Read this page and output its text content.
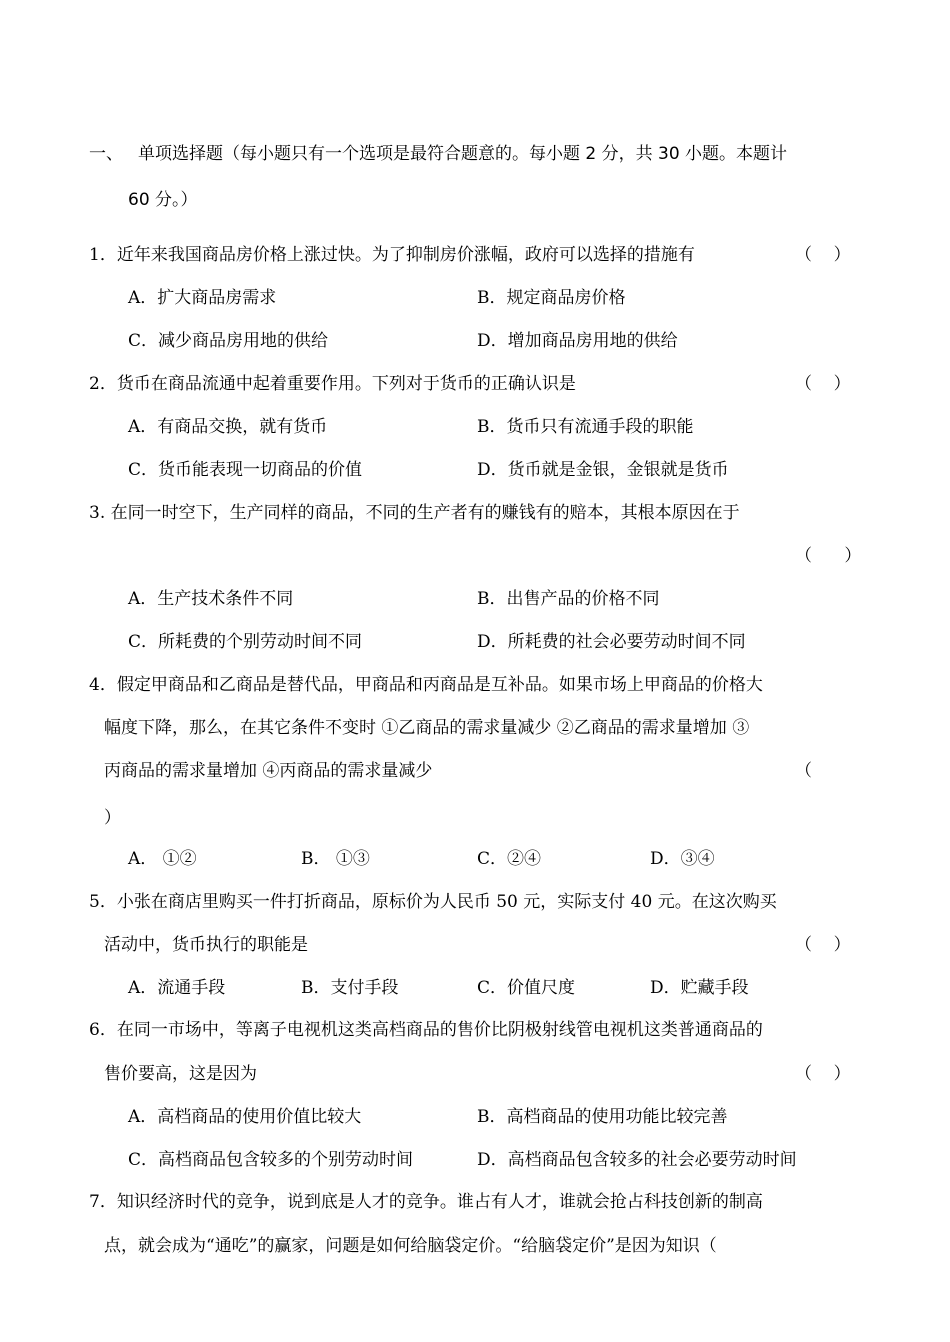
一、 单项选择题（每小题只有一个选项是最符合题意的。每小题 2 分，共 30 小题。本题计
60 分。）
1．近年来我国商品房价格上涨过快。为了抑制房价涨幅，政府可以选择的措施有	（    ）
A．扩大商品房需求	B．规定商品房价格
C．减少商品房用地的供给	D．增加商品房用地的供给
2．货币在商品流通中起着重要作用。下列对于货币的正确认识是	（    ）
A．有商品交换，就有货币	B．货币只有流通手段的职能
C．货币能表现一切商品的价值	D．货币就是金银，金银就是货币
3. 在同一时空下，生产同样的商品，不同的生产者有的赚钱有的赔本，其根本原因在于
（      ）
A．生产技术条件不同	B．出售产品的价格不同
C．所耗费的个别劳动时间不同	D．所耗费的社会必要劳动时间不同
4．假定甲商品和乙商品是替代品，甲商品和丙商品是互补品。如果市场上甲商品的价格大
幅度下降，那么，在其它条件不变时 ①乙商品的需求量减少 ②乙商品的需求量增加 ③
丙商品的需求量增加 ④丙商品的需求量减少	（
）
A． ①②	B． ①③	C．②④	D．③④
5．小张在商店里购买一件打折商品，原标价为人民币 50 元，实际支付 40 元。在这次购买
活动中，货币执行的职能是	（    ）
A．流通手段	B．支付手段	C．价值尺度	D．贮藏手段
6．在同一市场中，等离子电视机这类高档商品的售价比阴极射线管电视机这类普通商品的
售价要高，这是因为	（    ）
A．高档商品的使用价值比较大	B．高档商品的使用功能比较完善
C．高档商品包含较多的个别劳动时间	D．高档商品包含较多的社会必要劳动时间
7．知识经济时代的竞争，说到底是人才的竞争。谁占有人才，谁就会抢占科技创新的制高
点，就会成为“通吃”的赢家，问题是如何给脑袋定价。“给脑袋定价”是因为知识（
